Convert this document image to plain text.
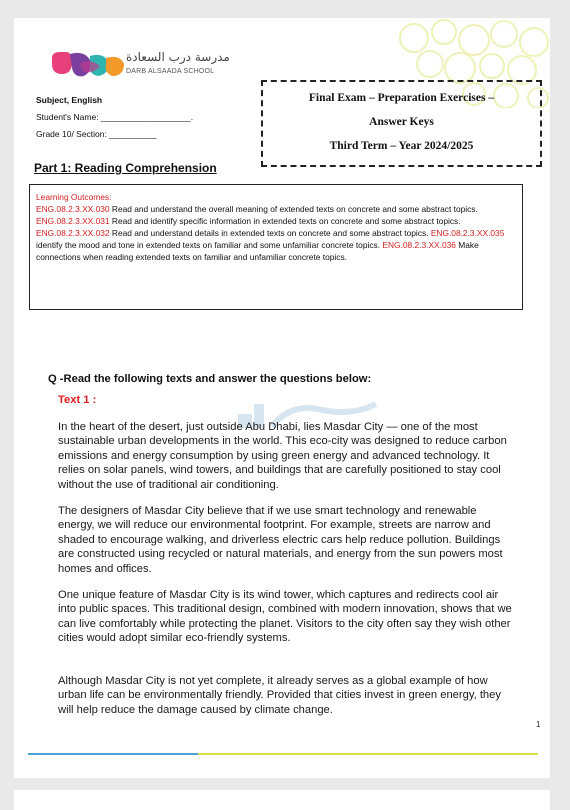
مدرسة درب السعادة
DARB ALSAADA SCHOOL
Subject, English
Student's Name: ___________________.
Grade 10/ Section: __________
Final Exam – Preparation Exercises –
Answer Keys
Third Term – Year 2024/2025
Part 1: Reading Comprehension
Learning Outcomes:
ENG.08.2.3.XX.030 Read and understand the overall meaning of extended texts on concrete and some abstract topics.
ENG.08.2.3.XX.031 Read and identify specific information in extended texts on concrete and some abstract topics. ENG.08.2.3.XX.032 Read and understand details in extended texts on concrete and some abstract topics. ENG.08.2.3.XX.035 identify the mood and tone in extended texts on familiar and some unfamiliar concrete topics. ENG.08.2.3.XX.036 Make connections when reading extended texts on familiar and unfamiliar concrete topics.
Q -Read the following texts and answer the questions below:
Text 1 :
In the heart of the desert, just outside Abu Dhabi, lies Masdar City — one of the most sustainable urban developments in the world. This eco-city was designed to reduce carbon emissions and energy consumption by using green energy and advanced technology. It relies on solar panels, wind towers, and buildings that are carefully positioned to stay cool without the use of traditional air conditioning.
The designers of Masdar City believe that if we use smart technology and renewable energy, we will reduce our environmental footprint. For example, streets are narrow and shaded to encourage walking, and driverless electric cars help reduce pollution. Buildings are constructed using recycled or natural materials, and energy from the sun powers most homes and offices.
One unique feature of Masdar City is its wind tower, which captures and redirects cool air into public spaces. This traditional design, combined with modern innovation, shows that we can live comfortably while protecting the planet. Visitors to the city often say they wish other cities would adopt similar eco-friendly systems.
Although Masdar City is not yet complete, it already serves as a global example of how urban life can be environmentally friendly. Provided that cities invest in green energy, they will help reduce the damage caused by climate change.
1
